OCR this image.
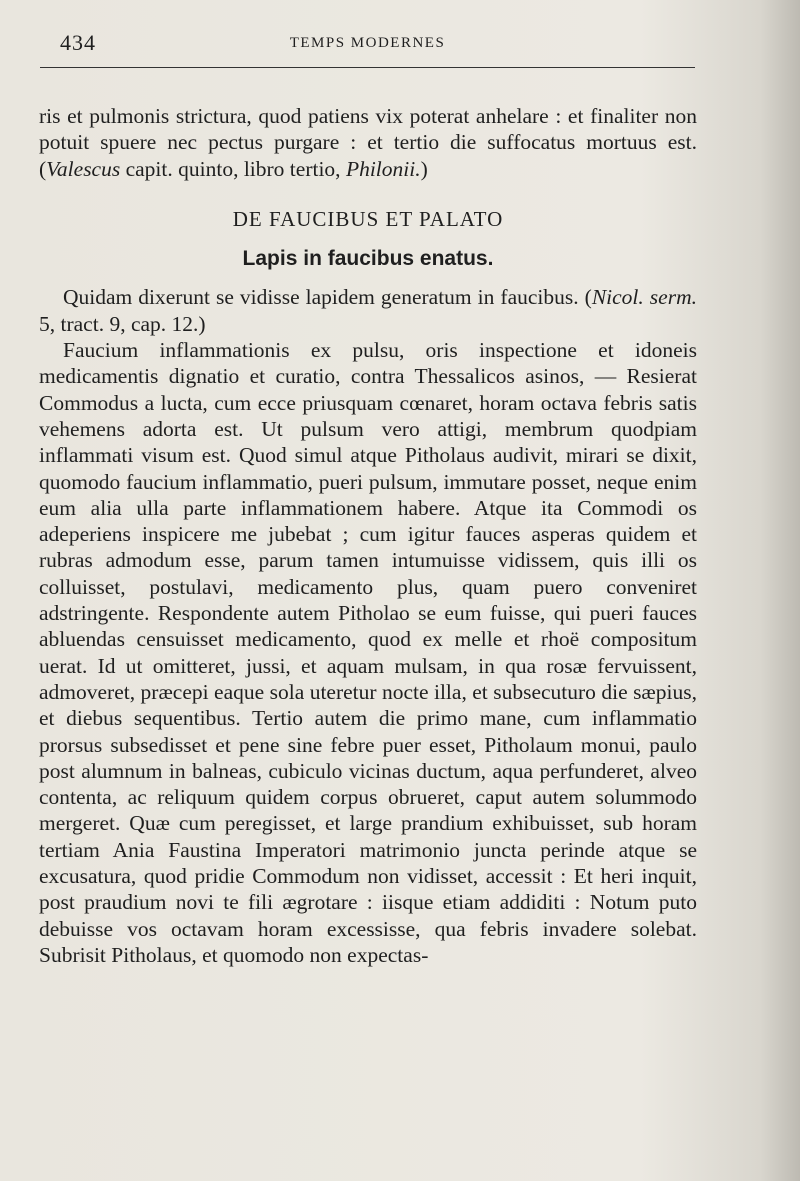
434	TEMPS MODERNES

ris et pulmonis strictura, quod patiens vix poterat anhelare : et finaliter non potuit spuere nec pectus purgare : et tertio die suffocatus mortuus est. (Valescus capit. quinto, libro tertio, Philonii.)

DE FAUCIBUS ET PALATO

Lapis in faucibus enatus.

Quidam dixerunt se vidisse lapidem generatum in faucibus. (Nicol. serm. 5, tract. 9, cap. 12.)

Faucium inflammationis ex pulsu, oris inspectione et idoneis medicamentis dignatio et curatio, contra Thessalicos asinos, — Resierat Commodus a lucta, cum ecce priusquam cœnaret, horam octava febris satis vehemens adorta est. Ut pulsum vero attigi, membrum quodpiam inflammati visum est. Quod simul atque Pitholaus audivit, mirari se dixit, quomodo faucium inflammatio, pueri pulsum, immutare posset, neque enim eum alia ulla parte inflammationem habere. Atque ita Commodi os adeperiens inspicere me jubebat ; cum igitur fauces asperas quidem et rubras admodum esse, parum tamen intumuisse vidissem, quis illi os colluisset, postulavi, medicamento plus, quam puero conveniret adstringente. Respondente autem Pitholao se eum fuisse, qui pueri fauces abluendas censuisset medicamento, quod ex melle et rhoë compositum uerat. Id ut omitteret, jussi, et aquam mulsam, in qua rosæ fervuissent, admoveret, præcepi eaque sola uteretur nocte illa, et subsecuturo die sæpius, et diebus sequentibus. Tertio autem die primo mane, cum inflammatio prorsus subsedisset et pene sine febre puer esset, Pitholaum monui, paulo post alumnum in balneas, cubiculo vicinas ductum, aqua perfunderet, alveo contenta, ac reliquum quidem corpus obrueret, caput autem solummodo mergeret. Quæ cum peregisset, et large prandium exhibuisset, sub horam tertiam Ania Faustina Imperatori matrimonio juncta perinde atque se excusatura, quod pridie Commodum non vidisset, accessit : Et heri inquit, post praudium novi te fili ægrotare : iisque etiam addiditi : Notum puto debuisse vos octavam horam excessisse, qua febris invadere solebat. Subrisit Pitholaus, et quomodo non expectas-
